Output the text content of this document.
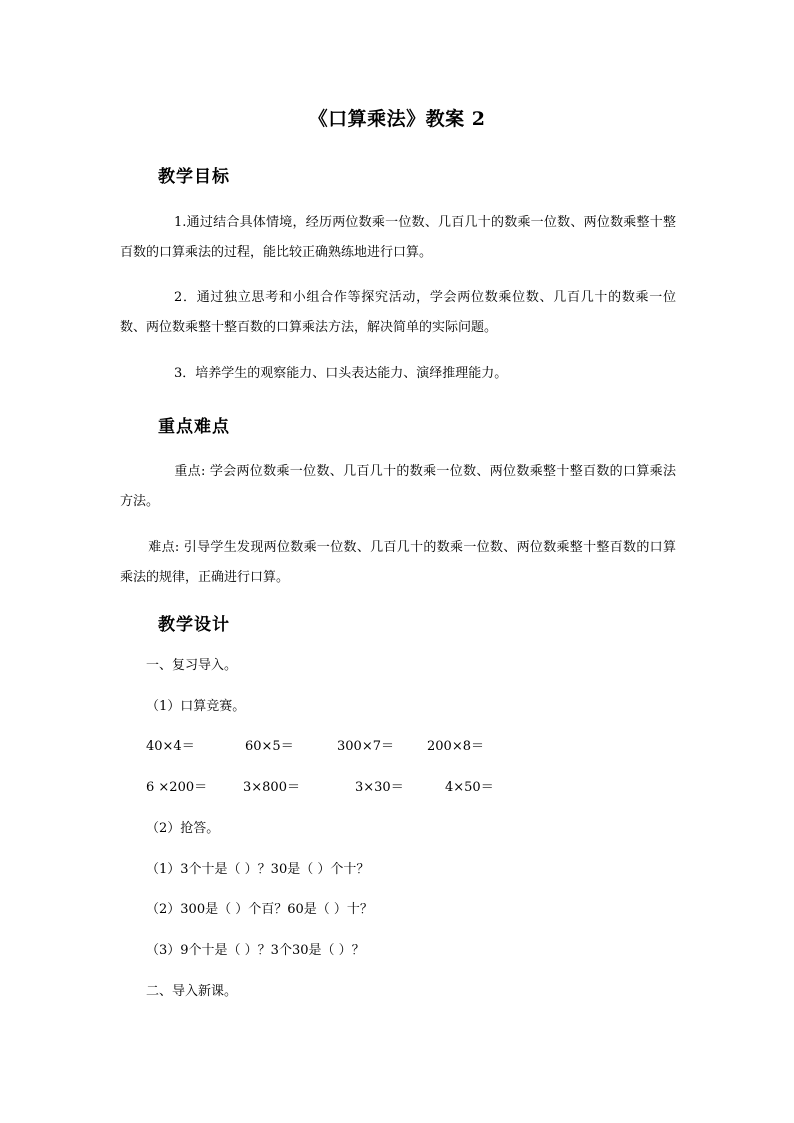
《口算乘法》教案 2
教学目标
1.通过结合具体情境，经历两位数乘一位数、几百几十的数乘一位数、两位数乘整十整百数的口算乘法的过程，能比较正确熟练地进行口算。
2．通过独立思考和小组合作等探究活动，学会两位数乘位数、几百几十的数乘一位数、两位数乘整十整百数的口算乘法方法，解决简单的实际问题。
3．培养学生的观察能力、口头表达能力、演绎推理能力。
重点难点
重点: 学会两位数乘一位数、几百几十的数乘一位数、两位数乘整十整百数的口算乘法方法。
难点: 引导学生发现两位数乘一位数、几百几十的数乘一位数、两位数乘整十整百数的口算乘法的规律，正确进行口算。
教学设计
一、复习导入。
（1）口算竞赛。
40×4＝	60×5＝	300×7＝	200×8＝
6 ×200＝	3×800＝	3×30＝	4×50＝
（2）抢答。
（1）3个十是（ ）？30是（ ）个十？
（2）300是（ ）个百？60是（ ）十？
（3）9个十是（ ）？3个30是（ ）？
二、导入新课。
